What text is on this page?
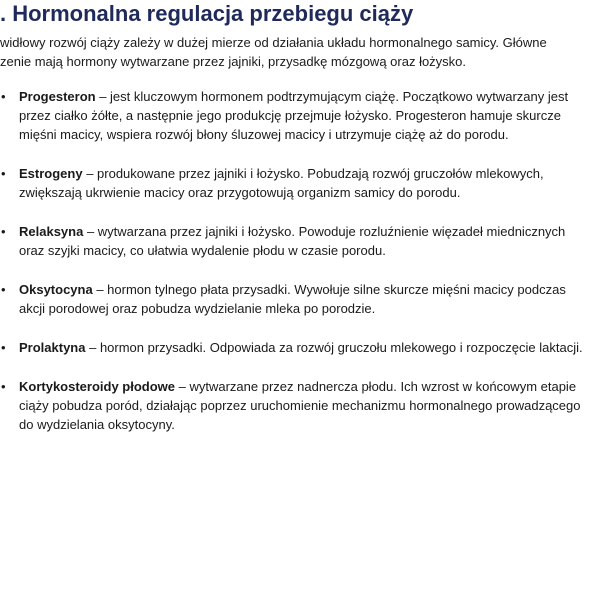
. Hormonalna regulacja przebiegu ciąży

widłowy rozwój ciąży zależy w dużej mierze od działania układu hormonalnego samicy. Główne
zenie mają hormony wytwarzane przez jajniki, przysadkę mózgową oraz łożysko.

•	Progesteron – jest kluczowym hormonem podtrzymującym ciążę. Początkowo wytwarzany jest przez ciałko żółte, a następnie jego produkcję przejmuje łożysko. Progesteron hamuje skurcze mięśni macicy, wspiera rozwój błony śluzowej macicy i utrzymuje ciążę aż do porodu.
•	Estrogeny – produkowane przez jajniki i łożysko. Pobudzają rozwój gruczołów mlekowych, zwiększają ukrwienie macicy oraz przygotowują organizm samicy do porodu.
•	Relaksyna – wytwarzana przez jajniki i łożysko. Powoduje rozluźnienie więzadeł miednicznych oraz szyjki macicy, co ułatwia wydalenie płodu w czasie porodu.
•	Oksytocyna – hormon tylnego płata przysadki. Wywołuje silne skurcze mięśni macicy podczas akcji porodowej oraz pobudza wydzielanie mleka po porodzie.
•	Prolaktyna – hormon przysadki. Odpowiada za rozwój gruczołu mlekowego i rozpoczęcie laktacji.
•	Kortykosteroidy płodowe – wytwarzane przez nadnercza płodu. Ich wzrost w końcowym etapie ciąży pobudza poród, działając poprzez uruchomienie mechanizmu hormonalnego prowadzącego do wydzielania oksytocyny.
